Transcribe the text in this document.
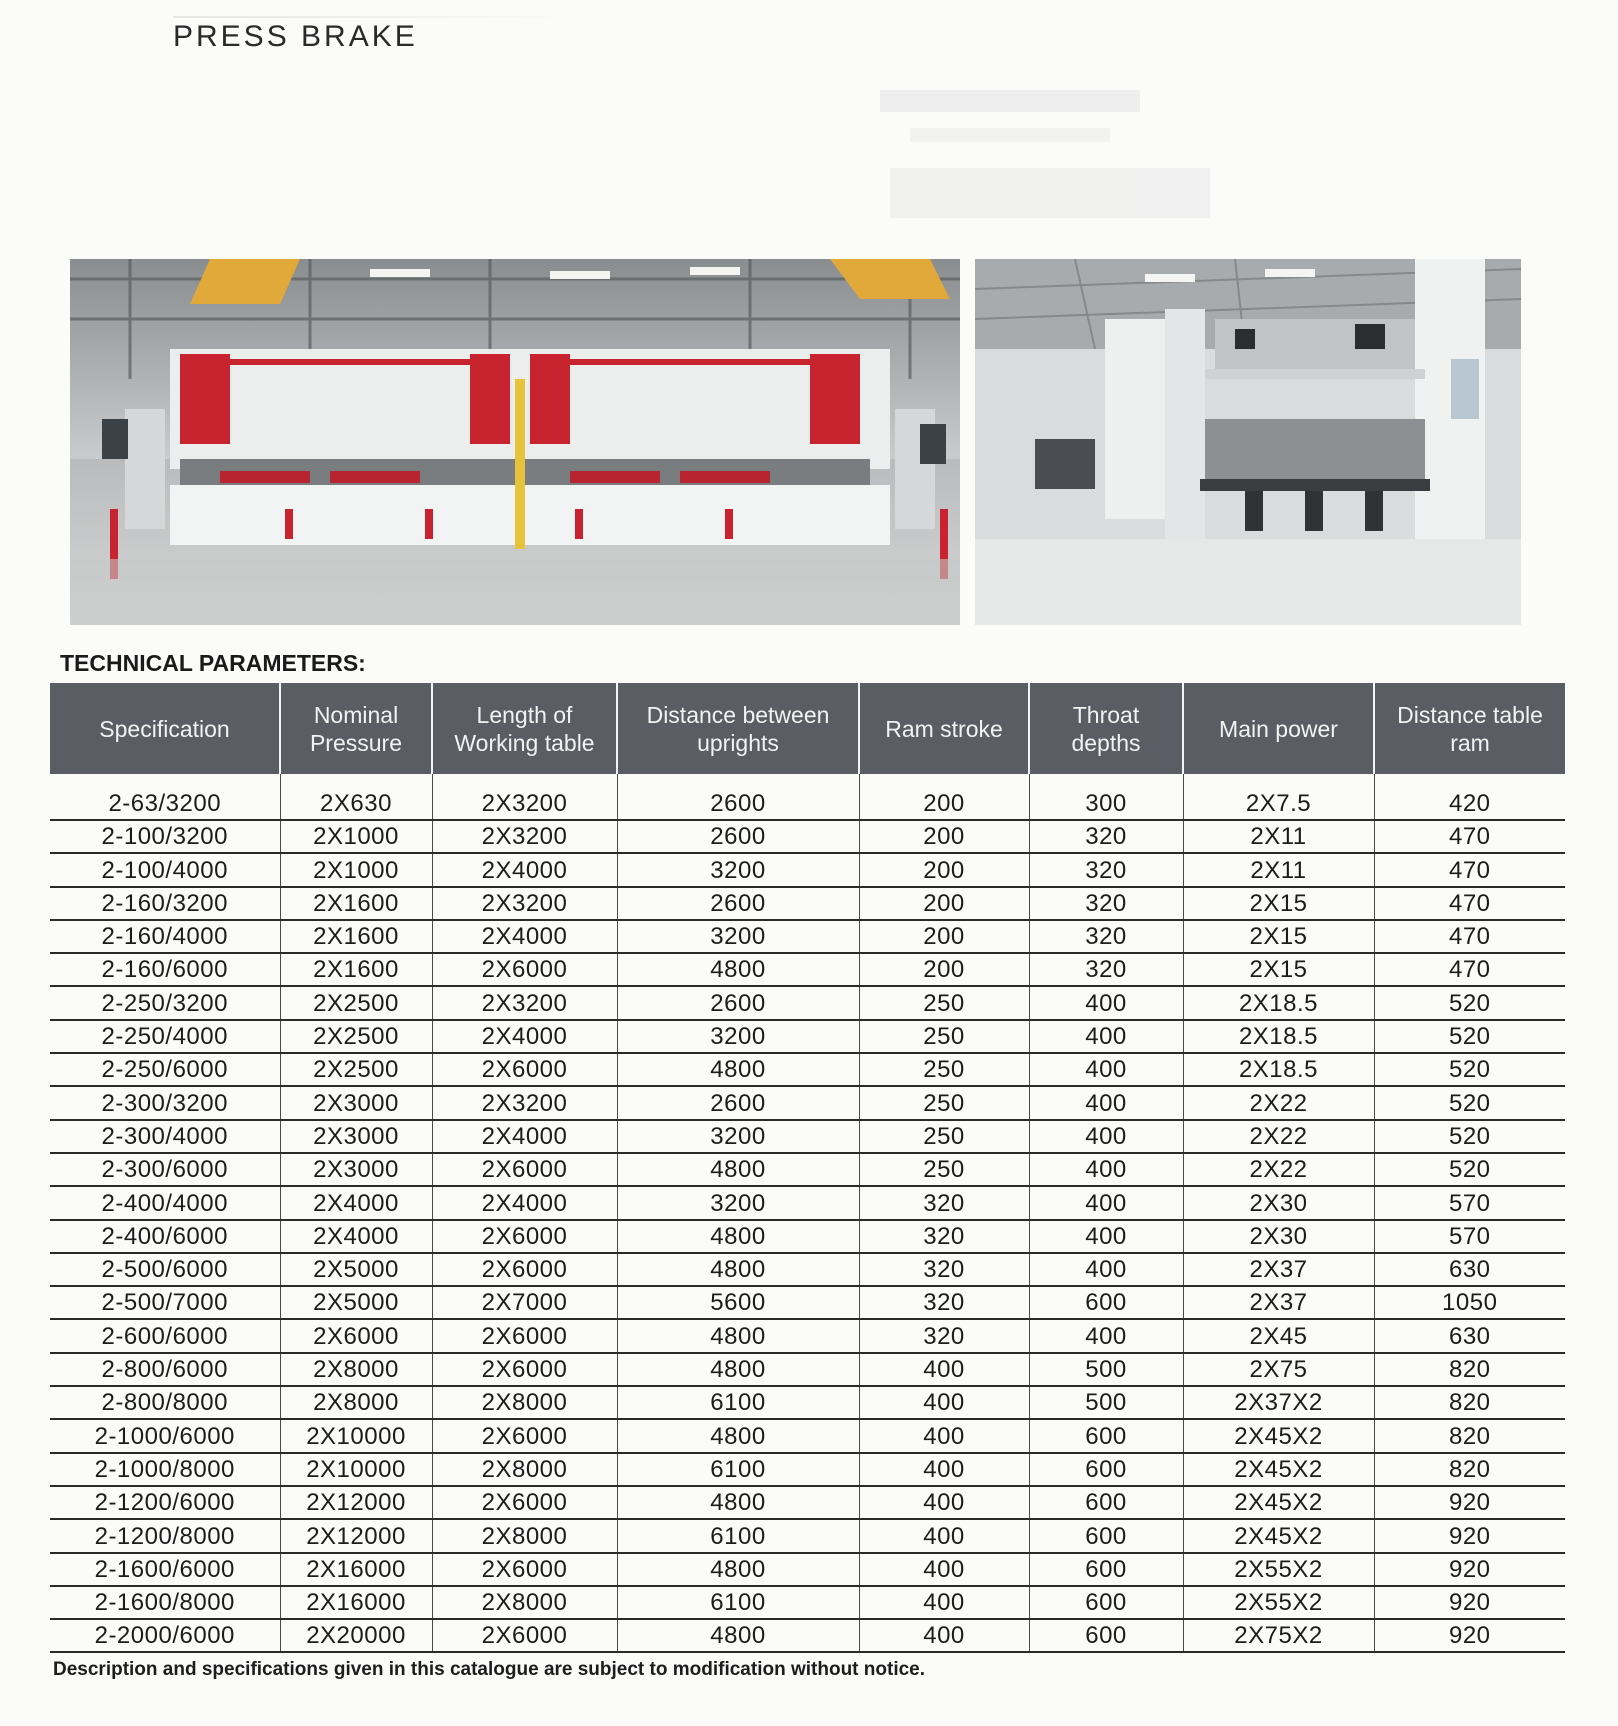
PRESS BRAKE
TECHNICAL PARAMETERS:
Specification	Nominal Pressure	Length of Working table	Distance between uprights	Ram stroke	Throat depths	Main power	Distance table ram
2-63/3200	2X630	2X3200	2600	200	300	2X7.5	420
2-100/3200	2X1000	2X3200	2600	200	320	2X11	470
2-100/4000	2X1000	2X4000	3200	200	320	2X11	470
2-160/3200	2X1600	2X3200	2600	200	320	2X15	470
2-160/4000	2X1600	2X4000	3200	200	320	2X15	470
2-160/6000	2X1600	2X6000	4800	200	320	2X15	470
2-250/3200	2X2500	2X3200	2600	250	400	2X18.5	520
2-250/4000	2X2500	2X4000	3200	250	400	2X18.5	520
2-250/6000	2X2500	2X6000	4800	250	400	2X18.5	520
2-300/3200	2X3000	2X3200	2600	250	400	2X22	520
2-300/4000	2X3000	2X4000	3200	250	400	2X22	520
2-300/6000	2X3000	2X6000	4800	250	400	2X22	520
2-400/4000	2X4000	2X4000	3200	320	400	2X30	570
2-400/6000	2X4000	2X6000	4800	320	400	2X30	570
2-500/6000	2X5000	2X6000	4800	320	400	2X37	630
2-500/7000	2X5000	2X7000	5600	320	600	2X37	1050
2-600/6000	2X6000	2X6000	4800	320	400	2X45	630
2-800/6000	2X8000	2X6000	4800	400	500	2X75	820
2-800/8000	2X8000	2X8000	6100	400	500	2X37X2	820
2-1000/6000	2X10000	2X6000	4800	400	600	2X45X2	820
2-1000/8000	2X10000	2X8000	6100	400	600	2X45X2	820
2-1200/6000	2X12000	2X6000	4800	400	600	2X45X2	920
2-1200/8000	2X12000	2X8000	6100	400	600	2X45X2	920
2-1600/6000	2X16000	2X6000	4800	400	600	2X55X2	920
2-1600/8000	2X16000	2X8000	6100	400	600	2X55X2	920
2-2000/6000	2X20000	2X6000	4800	400	600	2X75X2	920
Description and specifications given in this catalogue are subject to modification without notice.
